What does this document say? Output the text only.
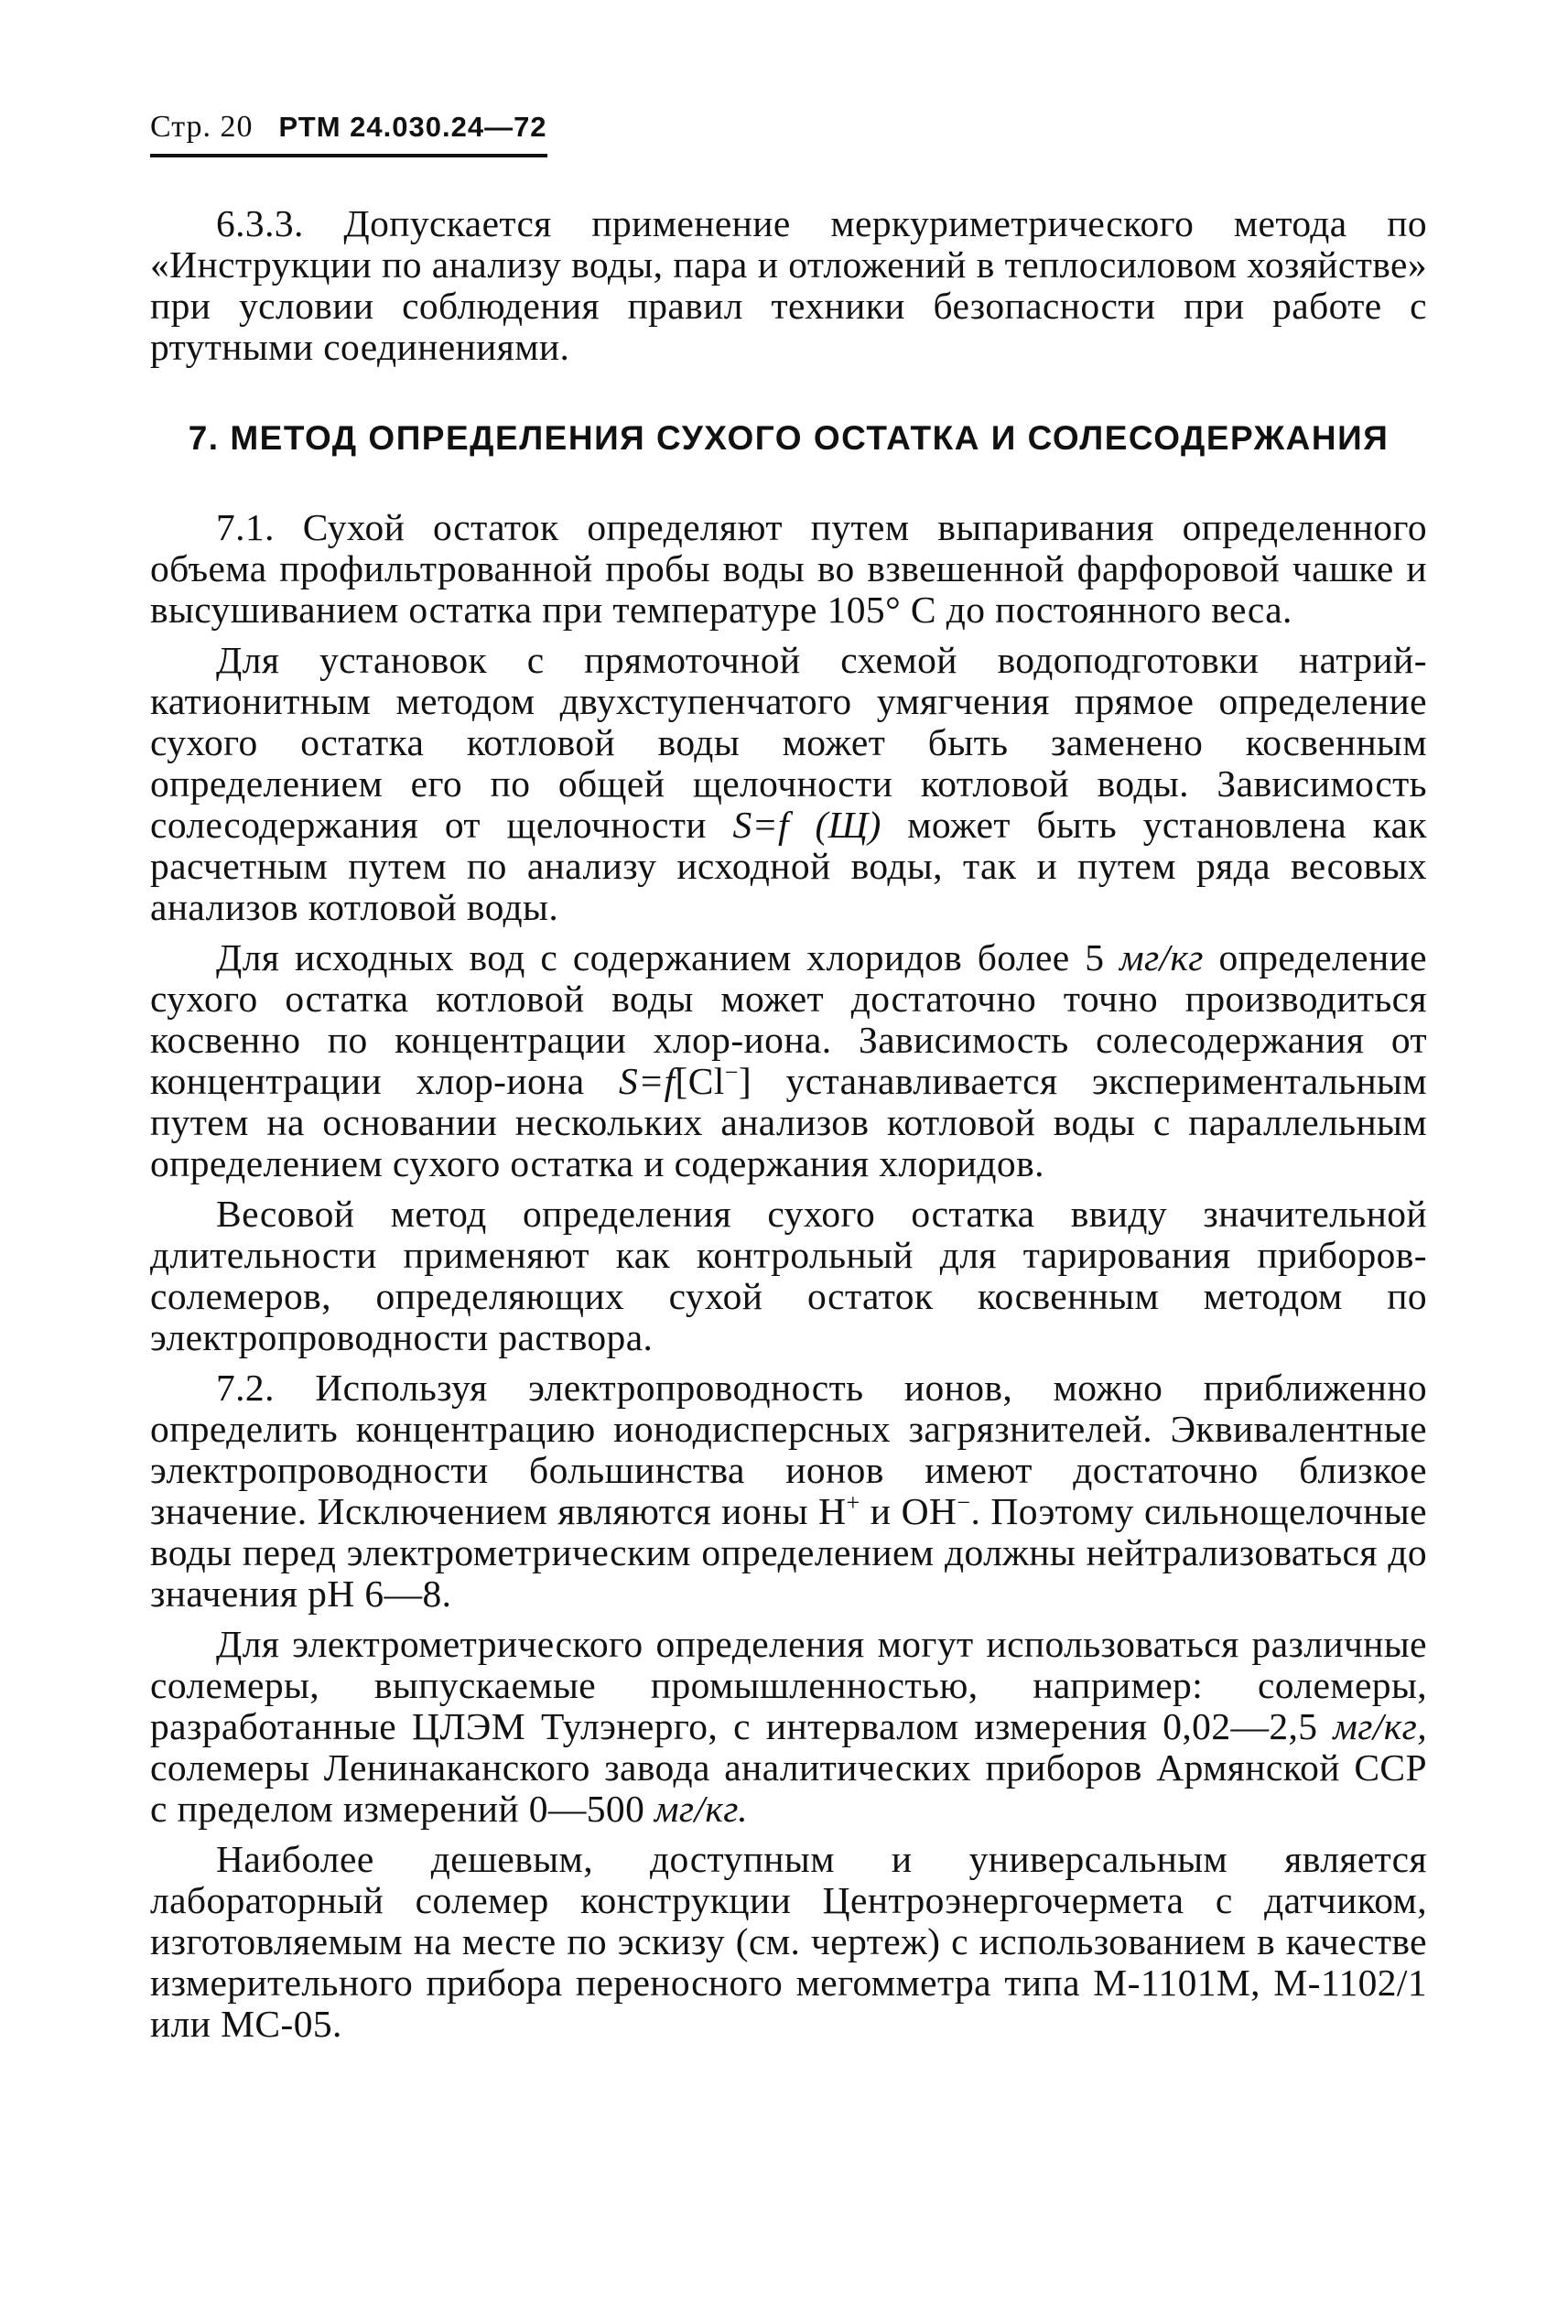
Стр. 20 РТМ 24.030.24—72

6.3.3. Допускается применение меркуриметрического метода по «Инструкции по анализу воды, пара и отложений в теплосиловом хозяйстве» при условии соблюдения правил техники безопасности при работе с ртутными соединениями.

7. МЕТОД ОПРЕДЕЛЕНИЯ СУХОГО ОСТАТКА И СОЛЕСОДЕРЖАНИЯ

7.1. Сухой остаток определяют путем выпаривания определенного объема профильтрованной пробы воды во взвешенной фарфоровой чашке и высушиванием остатка при температуре 105° С до постоянного веса.

Для установок с прямоточной схемой водоподготовки натрий-катионитным методом двухступенчатого умягчения прямое определение сухого остатка котловой воды может быть заменено косвенным определением его по общей щелочности котловой воды. Зависимость солесодержания от щелочности S=f (Щ) может быть установлена как расчетным путем по анализу исходной воды, так и путем ряда весовых анализов котловой воды.

Для исходных вод с содержанием хлоридов более 5 мг/кг определение сухого остатка котловой воды может достаточно точно производиться косвенно по концентрации хлор-иона. Зависимость солесодержания от концентрации хлор-иона S=f[Cl−] устанавливается экспериментальным путем на основании нескольких анализов котловой воды с параллельным определением сухого остатка и содержания хлоридов.

Весовой метод определения сухого остатка ввиду значительной длительности применяют как контрольный для тарирования приборов-солемеров, определяющих сухой остаток косвенным методом по электропроводности раствора.

7.2. Используя электропроводность ионов, можно приближенно определить концентрацию ионодисперсных загрязнителей. Эквивалентные электропроводности большинства ионов имеют достаточно близкое значение. Исключением являются ионы Н+ и ОН−. Поэтому сильнощелочные воды перед электрометрическим определением должны нейтрализоваться до значения рН 6—8.

Для электрометрического определения могут использоваться различные солемеры, выпускаемые промышленностью, например: солемеры, разработанные ЦЛЭМ Тулэнерго, с интервалом измерения 0,02—2,5 мг/кг, солемеры Ленинаканского завода аналитических приборов Армянской ССР с пределом измерений 0—500 мг/кг.

Наиболее дешевым, доступным и универсальным является лабораторный солемер конструкции Центроэнергочермета с датчиком, изготовляемым на месте по эскизу (см. чертеж) с использованием в качестве измерительного прибора переносного мегомметра типа М-1101М, М-1102/1 или МС-05.
